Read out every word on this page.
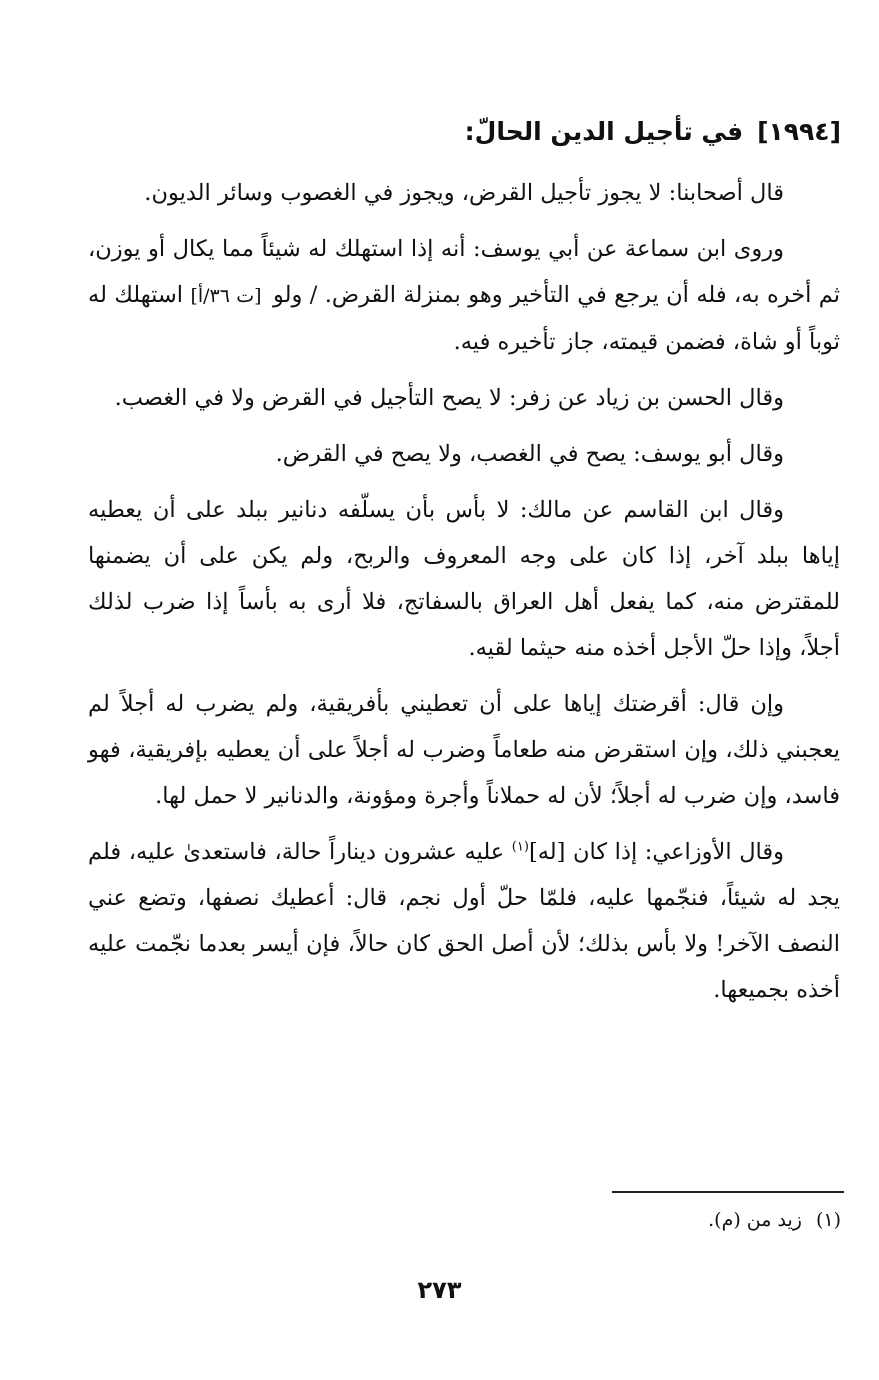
[١٩٩٤]في تأجيل الدين الحالّ:

قال أصحابنا: لا يجوز تأجيل القرض، ويجوز في الغصوب وسائر الديون.

وروى ابن سماعة عن أبي يوسف: أنه إذا استهلك له شيئاً مما يكال أو يوزن، ثم أخره به، فله أن يرجع في التأخير وهو بمنزلة القرض. / ولو [ت ٣٦/أ] استهلك له ثوباً أو شاة، فضمن قيمته، جاز تأخيره فيه.

وقال الحسن بن زياد عن زفر: لا يصح التأجيل في القرض ولا في الغصب.

وقال أبو يوسف: يصح في الغصب، ولا يصح في القرض.

وقال ابن القاسم عن مالك: لا بأس بأن يسلّفه دنانير ببلد على أن يعطيه إياها ببلد آخر، إذا كان على وجه المعروف والربح، ولم يكن على أن يضمنها للمقترض منه، كما يفعل أهل العراق بالسفاتج، فلا أرى به بأساً إذا ضرب لذلك أجلاً، وإذا حلّ الأجل أخذه منه حيثما لقيه.

وإن قال: أقرضتك إياها على أن تعطيني بأفريقية، ولم يضرب له أجلاً لم يعجبني ذلك، وإن استقرض منه طعاماً وضرب له أجلاً على أن يعطيه بإفريقية، فهو فاسد، وإن ضرب له أجلاً؛ لأن له حملاناً وأجرة ومؤونة، والدنانير لا حمل لها.

وقال الأوزاعي: إذا كان [له]$^{(١)}$ عليه عشرون ديناراً حالة، فاستعدىٰ عليه، فلم يجد له شيئاً، فنجّمها عليه، فلمّا حلّ أول نجم، قال: أعطيك نصفها، وتضع عني النصف الآخر! ولا بأس بذلك؛ لأن أصل الحق كان حالاً، فإن أيسر بعدما نجّمت عليه أخذه بجميعها.

(١)زيد من (م).
٢٧٣
